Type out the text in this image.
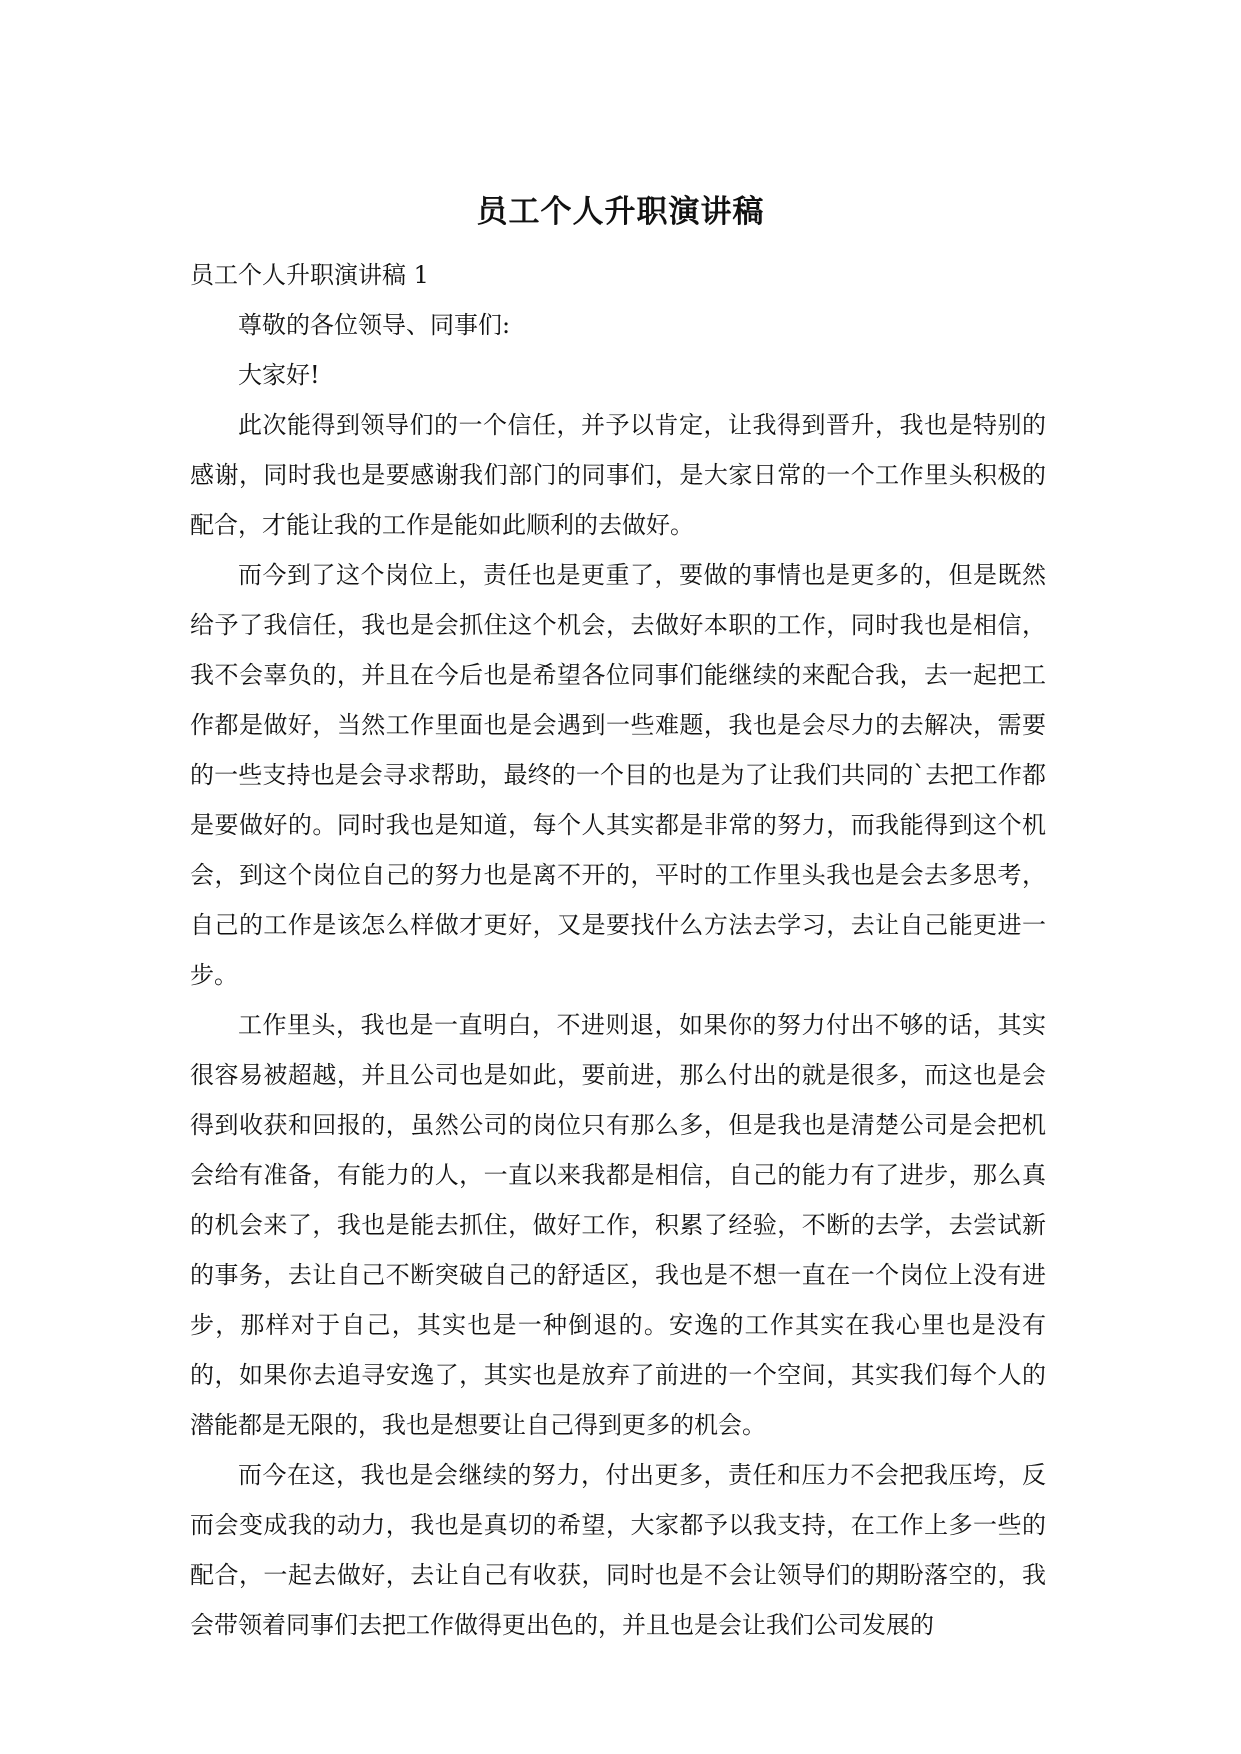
员工个人升职演讲稿

员工个人升职演讲稿 1

尊敬的各位领导、同事们:

大家好!

此次能得到领导们的一个信任，并予以肯定，让我得到晋升，我也是特别的感谢，同时我也是要感谢我们部门的同事们，是大家日常的一个工作里头积极的配合，才能让我的工作是能如此顺利的去做好。

而今到了这个岗位上，责任也是更重了，要做的事情也是更多的，但是既然给予了我信任，我也是会抓住这个机会，去做好本职的工作，同时我也是相信，我不会辜负的，并且在今后也是希望各位同事们能继续的来配合我，去一起把工作都是做好，当然工作里面也是会遇到一些难题，我也是会尽力的去解决，需要的一些支持也是会寻求帮助，最终的一个目的也是为了让我们共同的`去把工作都是要做好的。同时我也是知道，每个人其实都是非常的努力，而我能得到这个机会，到这个岗位自己的努力也是离不开的，平时的工作里头我也是会去多思考，自己的工作是该怎么样做才更好，又是要找什么方法去学习，去让自己能更进一步。

工作里头，我也是一直明白，不进则退，如果你的努力付出不够的话，其实很容易被超越，并且公司也是如此，要前进，那么付出的就是很多，而这也是会得到收获和回报的，虽然公司的岗位只有那么多，但是我也是清楚公司是会把机会给有准备，有能力的人，一直以来我都是相信，自己的能力有了进步，那么真的机会来了，我也是能去抓住，做好工作，积累了经验，不断的去学，去尝试新的事务，去让自己不断突破自己的舒适区，我也是不想一直在一个岗位上没有进步，那样对于自己，其实也是一种倒退的。安逸的工作其实在我心里也是没有的，如果你去追寻安逸了，其实也是放弃了前进的一个空间，其实我们每个人的潜能都是无限的，我也是想要让自己得到更多的机会。

而今在这，我也是会继续的努力，付出更多，责任和压力不会把我压垮，反而会变成我的动力，我也是真切的希望，大家都予以我支持，在工作上多一些的配合，一起去做好，去让自己有收获，同时也是不会让领导们的期盼落空的，我会带领着同事们去把工作做得更出色的，并且也是会让我们公司发展的
